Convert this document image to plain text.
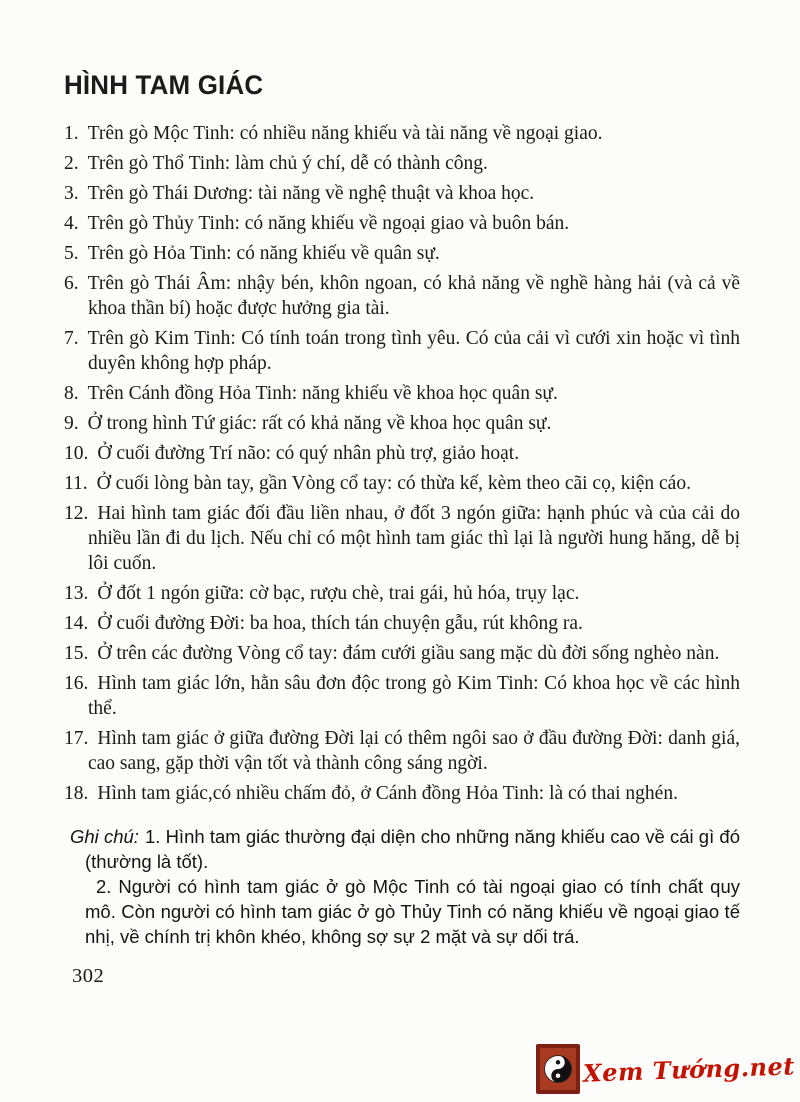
HÌNH TAM GIÁC

1. Trên gò Mộc Tinh: có nhiều năng khiếu và tài năng về ngoại giao.

2. Trên gò Thổ Tinh: làm chủ ý chí, dễ có thành công.

3. Trên gò Thái Dương: tài năng về nghệ thuật và khoa học.

4. Trên gò Thủy Tinh: có năng khiếu về ngoại giao và buôn bán.

5. Trên gò Hỏa Tinh: có năng khiếu về quân sự.

6. Trên gò Thái Âm: nhậy bén, khôn ngoan, có khả năng về nghề hàng hải (và cả về khoa thần bí) hoặc được hưởng gia tài.

7. Trên gò Kim Tinh: Có tính toán trong tình yêu. Có của cải vì cưới xin hoặc vì tình duyên không hợp pháp.

8. Trên Cánh đồng Hỏa Tinh: năng khiếu về khoa học quân sự.

9. Ở trong hình Tứ giác: rất có khả năng về khoa học quân sự.

10. Ở cuối đường Trí não: có quý nhân phù trợ, giảo hoạt.

11. Ở cuối lòng bàn tay, gần Vòng cổ tay: có thừa kế, kèm theo cãi cọ, kiện cáo.

12. Hai hình tam giác đối đầu liền nhau, ở đốt 3 ngón giữa: hạnh phúc và của cải do nhiều lần đi du lịch. Nếu chỉ có một hình tam giác thì lại là người hung hăng, dễ bị lôi cuốn.

13. Ở đốt 1 ngón giữa: cờ bạc, rượu chè, trai gái, hủ hóa, trụy lạc.

14. Ở cuối đường Đời: ba hoa, thích tán chuyện gẫu, rút không ra.

15. Ở trên các đường Vòng cổ tay: đám cưới giầu sang mặc dù đời sống nghèo nàn.

16. Hình tam giác lớn, hằn sâu đơn độc trong gò Kim Tinh: Có khoa học về các hình thể.

17. Hình tam giác ở giữa đường Đời lại có thêm ngôi sao ở đầu đường Đời: danh giá, cao sang, gặp thời vận tốt và thành công sáng ngời.

18. Hình tam giác,có nhiều chấm đỏ, ở Cánh đồng Hỏa Tinh: là có thai nghén.

Ghi chú: 1. Hình tam giác thường đại diện cho những năng khiếu cao về cái gì đó (thường là tốt).

2. Người có hình tam giác ở gò Mộc Tinh có tài ngoại giao có tính chất quy mô. Còn người có hình tam giác ở gò Thủy Tinh có năng khiếu về ngoại giao tế nhị, về chính trị khôn khéo, không sợ sự 2 mặt và sự dối trá.

302
Xem Tướng.net
